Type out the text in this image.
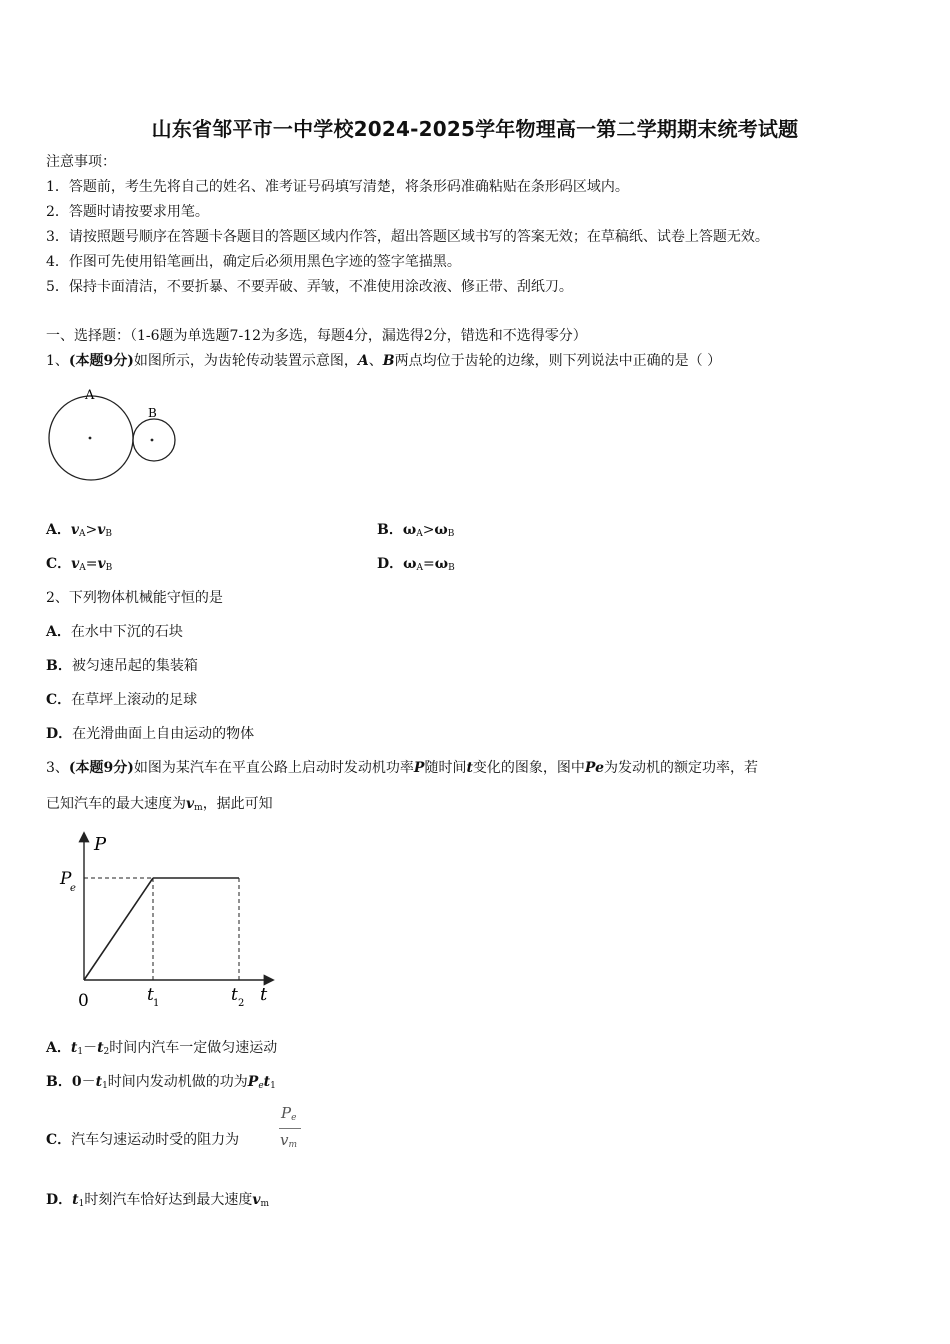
山东省邹平市一中学校2024-2025学年物理高一第二学期期末统考试题
注意事项：
1．答题前，考生先将自己的姓名、准考证号码填写清楚，将条形码准确粘贴在条形码区域内。
2．答题时请按要求用笔。
3．请按照题号顺序在答题卡各题目的答题区域内作答，超出答题区域书写的答案无效；在草稿纸、试卷上答题无效。
4．作图可先使用铅笔画出，确定后必须用黑色字迹的签字笔描黑。
5．保持卡面清洁，不要折暴、不要弄破、弄皱，不准使用涂改液、修正带、刮纸刀。
一、选择题：（1-6题为单选题7-12为多选，每题4分，漏选得2分，错选和不选得零分）
1、(本题9分)如图所示，为齿轮传动装置示意图，A、B两点均位于齿轮的边缘，则下列说法中正确的是（ ）
A
B
A．$v_A>v_B$	B．$\omega_A>\omega_B$
C．$v_A=v_B$	D．$\omega_A=\omega_B$
2、下列物体机械能守恒的是
A．在水中下沉的石块
B．被匀速吊起的集装箱
C．在草坪上滚动的足球
D．在光滑曲面上自由运动的物体
3、(本题9分)如图为某汽车在平直公路上启动时发动机功率P随时间t变化的图象，图中Pe为发动机的额定功率，若
已知汽车的最大速度为$v_m$，据此可知
P
P
e
0	t
t 1	t 2
A．$t_1-t_2$时间内汽车一定做匀速运动
B．$0-t_1$时间内发动机做的功为$P_et_1$
C．汽车匀速运动时受的阻力为
$P_e$
$v_m$
D．$t_1$时刻汽车恰好达到最大速度$v_m$
